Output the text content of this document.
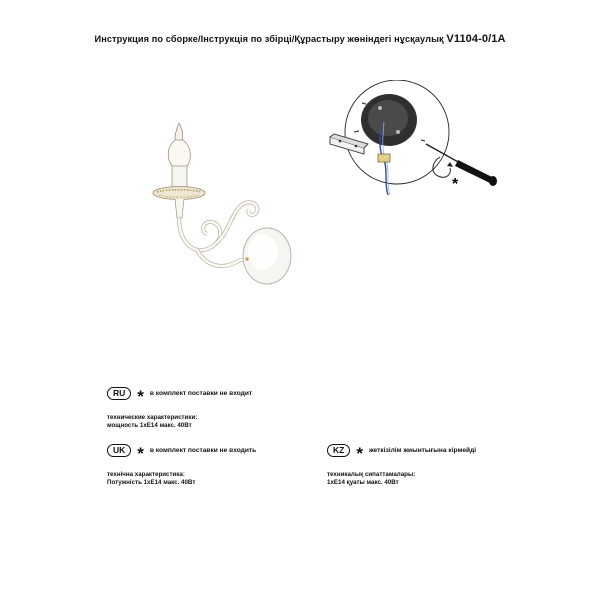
Инструкция по сборке/Інструкція по збірці/Құрастыру жөніндегі нұсқаулық V1104-0/1A
*
RU * в комплект поставки не входит
технические характеристики:
мощность 1хЕ14 макс. 40Вт
UK * в комплект поставки не входить
технічна характеристика:
Потужність 1хЕ14 макс. 40Вт
KZ * жеткізілім жиынтығына кірмейді
техникалық сипаттамалары:
1хЕ14 қуаты макс. 40Вт
